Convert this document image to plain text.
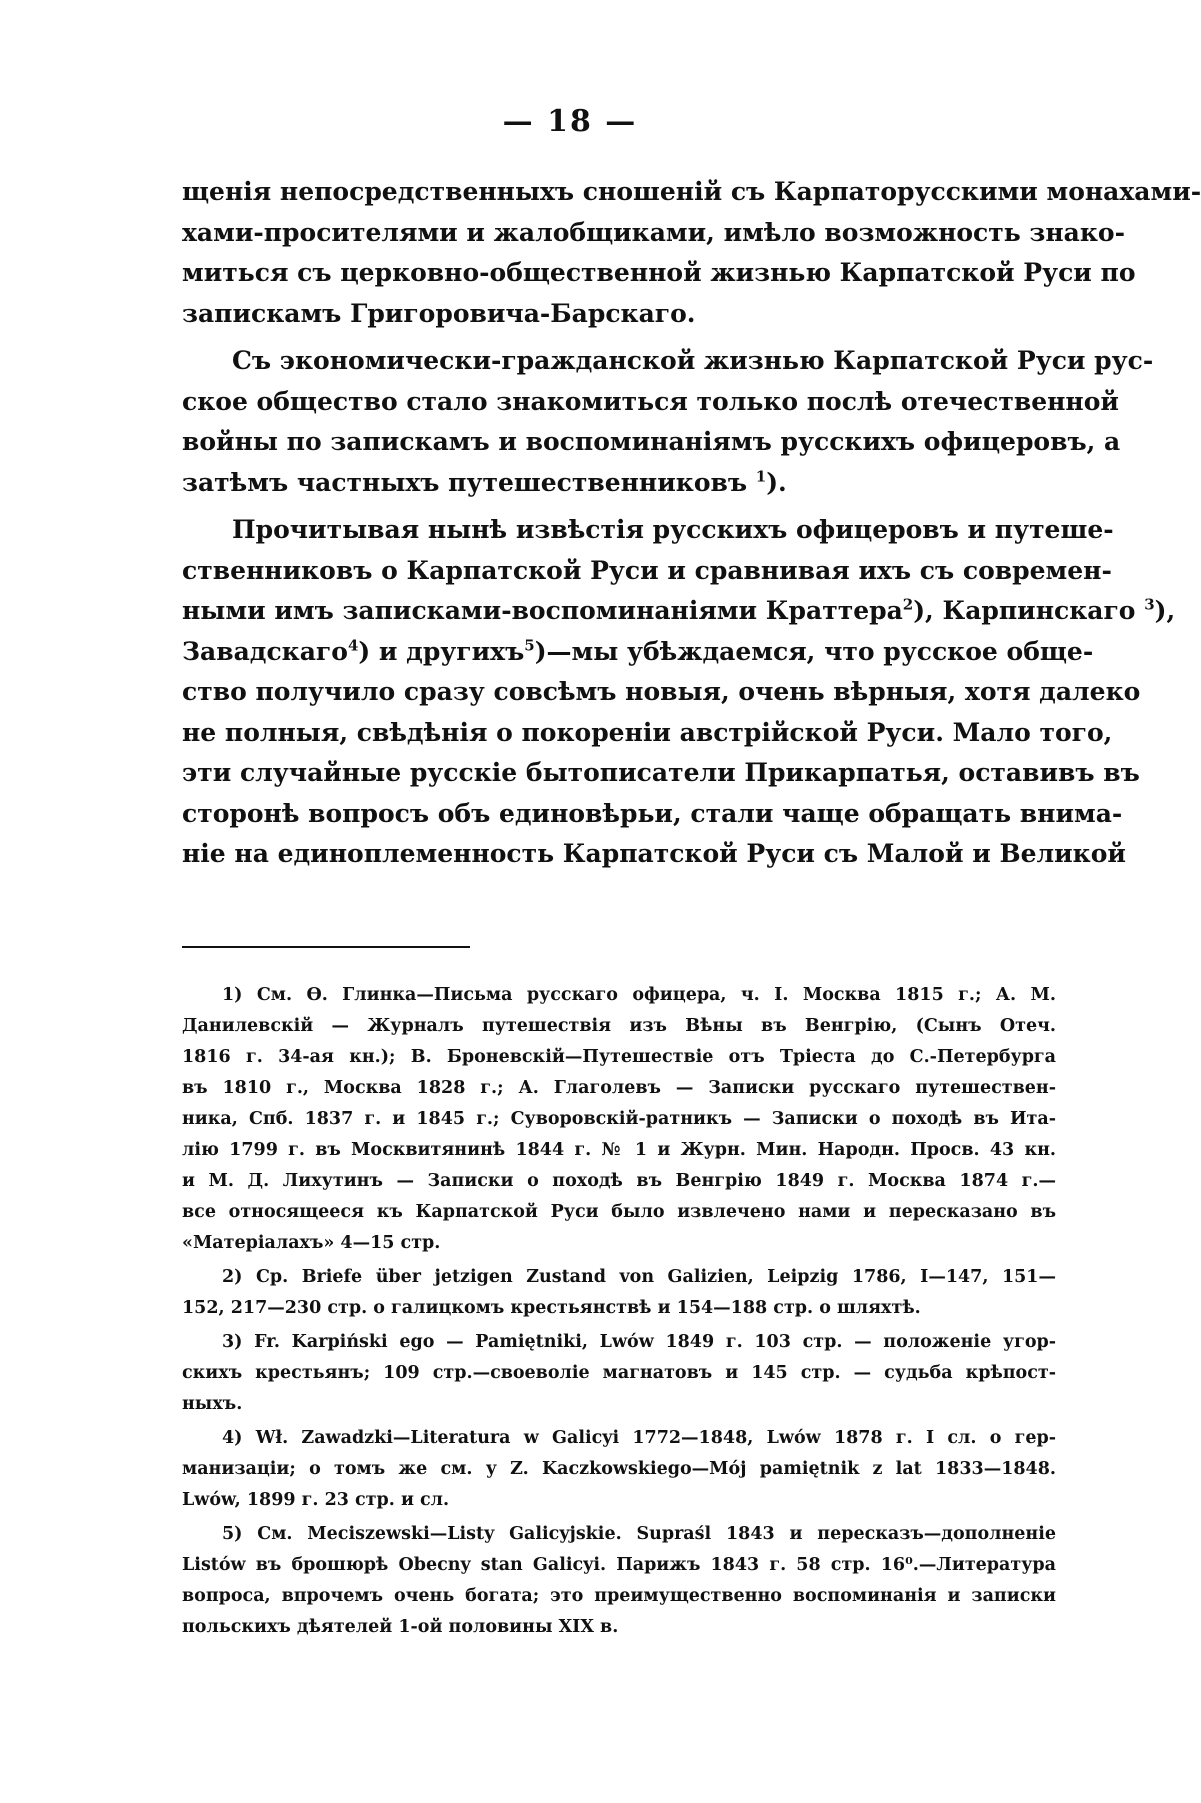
— 18 —
щенія непосредственныхъ сношеній съ Карпаторусскими монахами-
хами-просителями и жалобщиками, имѣло возможность знако-
миться съ церковно-общественной жизнью Карпатской Руси по
запискамъ Григоровича-Барскаго.
Съ экономически-гражданской жизнью Карпатской Руси рус-
ское общество стало знакомиться только послѣ отечественной
войны по запискамъ и воспоминаніямъ русскихъ офицеровъ, а
затѣмъ частныхъ путешественниковъ $^1$).
Прочитывая нынѣ извѣстія русскихъ офицеровъ и путеше-
ственниковъ о Карпатской Руси и сравнивая ихъ съ современ-
ными имъ записками-воспоминаніями Краттера$^2$), Карпинскаго $^3$),
Завадскаго$^4$) и другихъ$^5$)—мы убѣждаемся, что русское обще-
ство получило сразу совсѣмъ новыя, очень вѣрныя, хотя далеко
не полныя, свѣдѣнія о покореніи австрійской Руси. Мало того,
эти случайные русскіе бытописатели Прикарпатья, оставивъ въ
сторонѣ вопросъ объ единовѣрьи, стали чаще обращать внима-
ніе на единоплеменность Карпатской Руси съ Малой и Великой
1) См. Ѳ. Глинка—Письма русскаго офицера, ч. I. Москва 1815 г.; А. М.
Данилевскій — Журналъ путешествія изъ Вѣны въ Венгрію, (Сынъ Отеч.
1816 г. 34-ая кн.); В. Броневскій—Путешествіе отъ Тріеста до С.-Петербурга
въ 1810 г., Москва 1828 г.; А. Глаголевъ — Записки русскаго путешествен-
ника, Спб. 1837 г. и 1845 г.; Суворовскій-ратникъ — Записки о походѣ въ Ита-
лію 1799 г. въ Москвитянинѣ 1844 г. № 1 и Журн. Мин. Народн. Просв. 43 кн.
и М. Д. Лихутинъ — Записки о походѣ въ Венгрію 1849 г. Москва 1874 г.—
все относящееся къ Карпатской Руси было извлечено нами и пересказано въ
«Матеріалахъ» 4—15 стр.
2) Ср. Briefe über jetzigen Zustand von Galizien, Leipzig 1786, I—147, 151—
152, 217—230 стр. о галицкомъ крестьянствѣ и 154—188 стр. о шляхтѣ.
3) Fr. Karpiński ego — Pamiętniki, Lwów 1849 г. 103 стр. — положеніе угор-
скихъ крестьянъ; 109 стр.—своеволіе магнатовъ и 145 стр. — судьба крѣпост-
ныхъ.
4) Wł. Zawadzki—Literatura w Galicyi 1772—1848, Lwów 1878 г. I сл. о гер-
манизаціи; о томъ же см. у Z. Kaczkowskiego—Mój pamiętnik z lat 1833—1848.
Lwów, 1899 г. 23 стр. и сл.
5) См. Meciszewski—Listy Galicyjskie. Supraśl 1843 и пересказъ—дополненіе
Listów въ брошюрѣ Obecny stan Galicyi. Парижъ 1843 г. 58 стр. 16⁰.—Литература
вопроса, впрочемъ очень богата; это преимущественно воспоминанія и записки
польскихъ дѣятелей 1-ой половины XIX в.
